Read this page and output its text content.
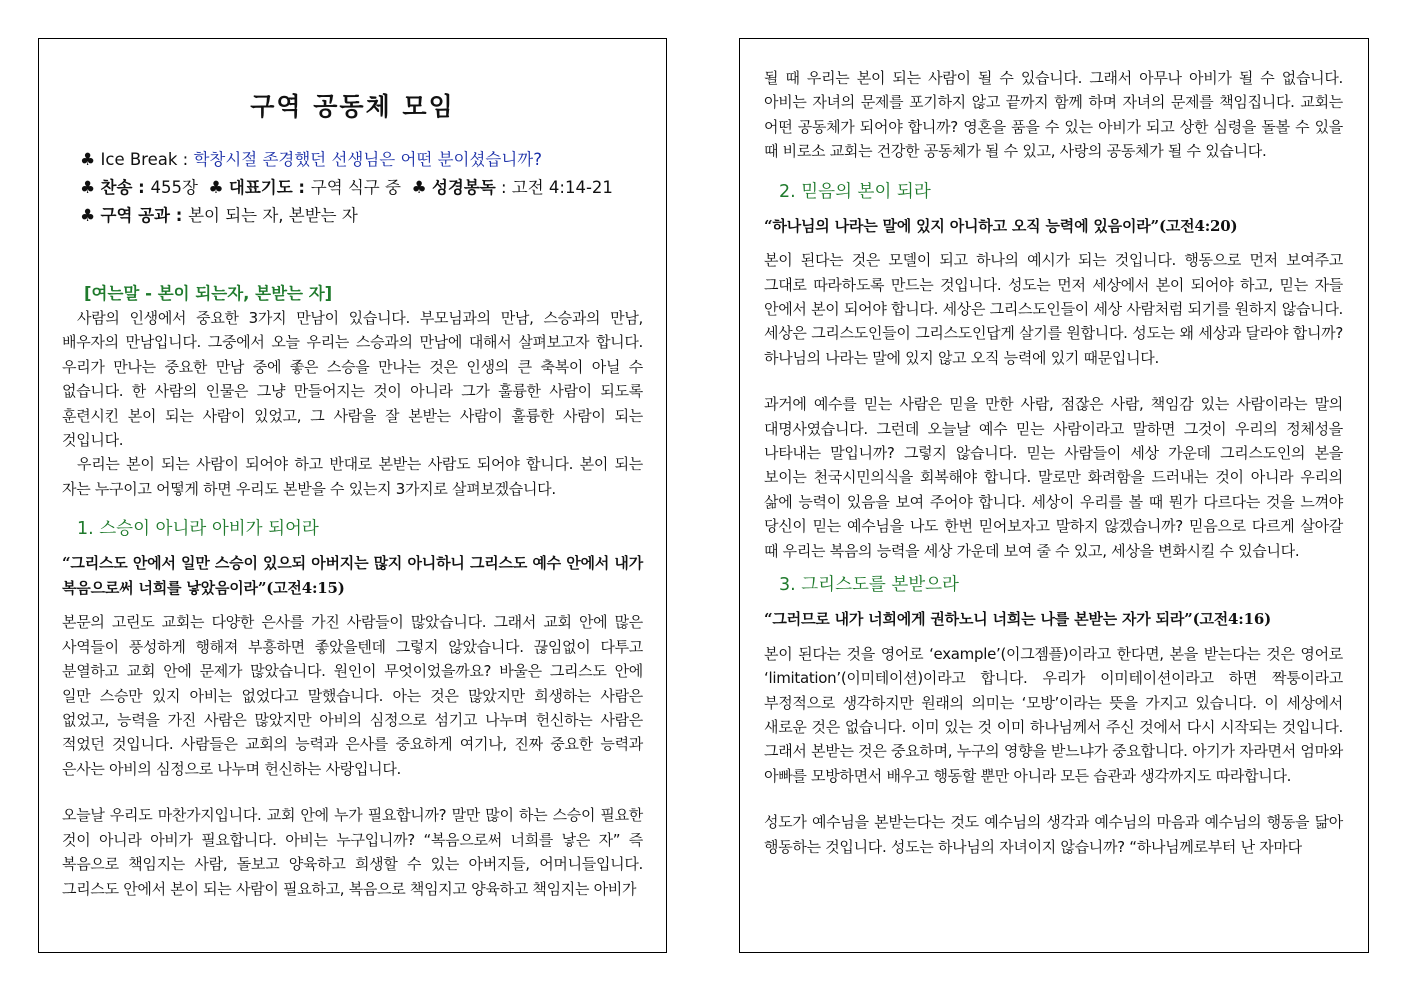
구역 공동체 모임
♣ Ice Break : 학창시절 존경했던 선생님은 어떤 분이셨습니까?
♣ 찬송 : 455장 ♣ 대표기도 : 구역 식구 중 ♣ 성경봉독 : 고전 4:14-21
♣ 구역 공과 : 본이 되는 자, 본받는 자
[여는말 - 본이 되는자, 본받는 자]

사람의 인생에서 중요한 3가지 만남이 있습니다. 부모님과의 만남, 스승과의 만남, 배우자의 만남입니다. 그중에서 오늘 우리는 스승과의 만남에 대해서 살펴보고자 합니다. 우리가 만나는 중요한 만남 중에 좋은 스승을 만나는 것은 인생의 큰 축복이 아닐 수 없습니다. 한 사람의 인물은 그냥 만들어지는 것이 아니라 그가 훌륭한 사람이 되도록 훈련시킨 본이 되는 사람이 있었고, 그 사람을 잘 본받는 사람이 훌륭한 사람이 되는 것입니다.

우리는 본이 되는 사람이 되어야 하고 반대로 본받는 사람도 되어야 합니다. 본이 되는 자는 누구이고 어떻게 하면 우리도 본받을 수 있는지 3가지로 살펴보겠습니다.

1. 스승이 아니라 아비가 되어라

“그리스도 안에서 일만 스승이 있으되 아버지는 많지 아니하니 그리스도 예수 안에서 내가 복음으로써 너희를 낳았음이라”(고전4:15)

본문의 고린도 교회는 다양한 은사를 가진 사람들이 많았습니다. 그래서 교회 안에 많은 사역들이 풍성하게 행해져 부흥하면 좋았을텐데 그렇지 않았습니다. 끊임없이 다투고 분열하고 교회 안에 문제가 많았습니다. 원인이 무엇이었을까요? 바울은 그리스도 안에 일만 스승만 있지 아비는 없었다고 말했습니다. 아는 것은 많았지만 희생하는 사람은 없었고, 능력을 가진 사람은 많았지만 아비의 심정으로 섬기고 나누며 헌신하는 사람은 적었던 것입니다. 사람들은 교회의 능력과 은사를 중요하게 여기나, 진짜 중요한 능력과 은사는 아비의 심정으로 나누며 헌신하는 사랑입니다.

오늘날 우리도 마찬가지입니다. 교회 안에 누가 필요합니까? 말만 많이 하는 스승이 필요한 것이 아니라 아비가 필요합니다. 아비는 누구입니까? “복음으로써 너희를 낳은 자” 즉 복음으로 책임지는 사람, 돌보고 양육하고 희생할 수 있는 아버지들, 어머니들입니다. 그리스도 안에서 본이 되는 사람이 필요하고, 복음으로 책임지고 양육하고 책임지는 아비가

될 때 우리는 본이 되는 사람이 될 수 있습니다. 그래서 아무나 아비가 될 수 없습니다. 아비는 자녀의 문제를 포기하지 않고 끝까지 함께 하며 자녀의 문제를 책임집니다. 교회는 어떤 공동체가 되어야 합니까? 영혼을 품을 수 있는 아비가 되고 상한 심령을 돌볼 수 있을 때 비로소 교회는 건강한 공동체가 될 수 있고, 사랑의 공동체가 될 수 있습니다.

2. 믿음의 본이 되라

“하나님의 나라는 말에 있지 아니하고 오직 능력에 있음이라”(고전4:20)

본이 된다는 것은 모델이 되고 하나의 예시가 되는 것입니다. 행동으로 먼저 보여주고 그대로 따라하도록 만드는 것입니다. 성도는 먼저 세상에서 본이 되어야 하고, 믿는 자들 안에서 본이 되어야 합니다. 세상은 그리스도인들이 세상 사람처럼 되기를 원하지 않습니다. 세상은 그리스도인들이 그리스도인답게 살기를 원합니다. 성도는 왜 세상과 달라야 합니까? 하나님의 나라는 말에 있지 않고 오직 능력에 있기 때문입니다.

과거에 예수를 믿는 사람은 믿을 만한 사람, 점잖은 사람, 책임감 있는 사람이라는 말의 대명사였습니다. 그런데 오늘날 예수 믿는 사람이라고 말하면 그것이 우리의 정체성을 나타내는 말입니까? 그렇지 않습니다. 믿는 사람들이 세상 가운데 그리스도인의 본을 보이는 천국시민의식을 회복해야 합니다. 말로만 화려함을 드러내는 것이 아니라 우리의 삶에 능력이 있음을 보여 주어야 합니다. 세상이 우리를 볼 때 뭔가 다르다는 것을 느껴야 당신이 믿는 예수님을 나도 한번 믿어보자고 말하지 않겠습니까? 믿음으로 다르게 살아갈 때 우리는 복음의 능력을 세상 가운데 보여 줄 수 있고, 세상을 변화시킬 수 있습니다.

3. 그리스도를 본받으라

“그러므로 내가 너희에게 권하노니 너희는 나를 본받는 자가 되라”(고전4:16)

본이 된다는 것을 영어로 ‘example’(이그젬플)이라고 한다면, 본을 받는다는 것은 영어로 ‘limitation’(이미테이션)이라고 합니다. 우리가 이미테이션이라고 하면 짝퉁이라고 부정적으로 생각하지만 원래의 의미는 ‘모방’이라는 뜻을 가지고 있습니다. 이 세상에서 새로운 것은 없습니다. 이미 있는 것 이미 하나님께서 주신 것에서 다시 시작되는 것입니다. 그래서 본받는 것은 중요하며, 누구의 영향을 받느냐가 중요합니다. 아기가 자라면서 엄마와 아빠를 모방하면서 배우고 행동할 뿐만 아니라 모든 습관과 생각까지도 따라합니다.

성도가 예수님을 본받는다는 것도 예수님의 생각과 예수님의 마음과 예수님의 행동을 닮아 행동하는 것입니다. 성도는 하나님의 자녀이지 않습니까? “하나님께로부터 난 자마다
